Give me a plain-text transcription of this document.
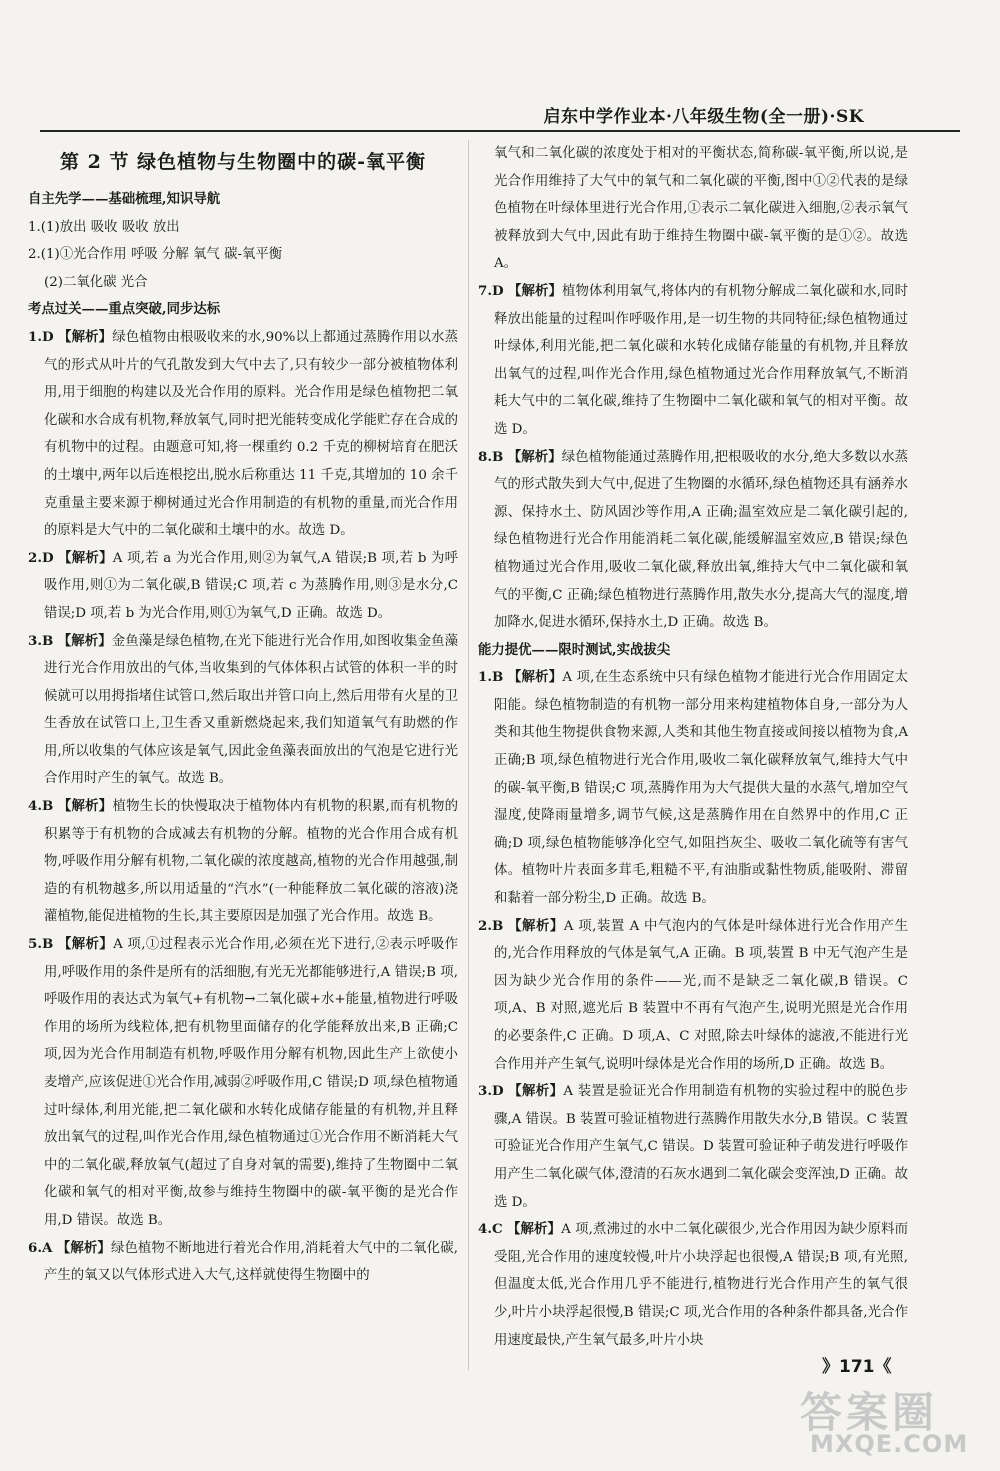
启东中学作业本·八年级生物(全一册)·SK

第 2 节 绿色植物与生物圈中的碳-氧平衡

自主先学——基础梳理,知识导航

1.(1)放出 吸收 吸收 放出

2.(1)①光合作用 呼吸 分解 氧气 碳-氧平衡

(2)二氧化碳 光合

考点过关——重点突破,同步达标

1.D 【解析】绿色植物由根吸收来的水,90%以上都通过蒸腾作用以水蒸气的形式从叶片的气孔散发到大气中去了,只有较少一部分被植物体利用,用于细胞的构建以及光合作用的原料。光合作用是绿色植物把二氧化碳和水合成有机物,释放氧气,同时把光能转变成化学能贮存在合成的有机物中的过程。由题意可知,将一棵重约 0.2 千克的柳树培育在肥沃的土壤中,两年以后连根挖出,脱水后称重达 11 千克,其增加的 10 余千克重量主要来源于柳树通过光合作用制造的有机物的重量,而光合作用的原料是大气中的二氧化碳和土壤中的水。故选 D。

2.D 【解析】A 项,若 a 为光合作用,则②为氧气,A 错误;B 项,若 b 为呼吸作用,则①为二氧化碳,B 错误;C 项,若 c 为蒸腾作用,则③是水分,C 错误;D 项,若 b 为光合作用,则①为氧气,D 正确。故选 D。

3.B 【解析】金鱼藻是绿色植物,在光下能进行光合作用,如图收集金鱼藻进行光合作用放出的气体,当收集到的气体体积占试管的体积一半的时候就可以用拇指堵住试管口,然后取出并管口向上,然后用带有火星的卫生香放在试管口上,卫生香又重新燃烧起来,我们知道氧气有助燃的作用,所以收集的气体应该是氧气,因此金鱼藻表面放出的气泡是它进行光合作用时产生的氧气。故选 B。

4.B 【解析】植物生长的快慢取决于植物体内有机物的积累,而有机物的积累等于有机物的合成减去有机物的分解。植物的光合作用合成有机物,呼吸作用分解有机物,二氧化碳的浓度越高,植物的光合作用越强,制造的有机物越多,所以用适量的“汽水”(一种能释放二氧化碳的溶液)浇灌植物,能促进植物的生长,其主要原因是加强了光合作用。故选 B。

5.B 【解析】A 项,①过程表示光合作用,必须在光下进行,②表示呼吸作用,呼吸作用的条件是所有的活细胞,有光无光都能够进行,A 错误;B 项,呼吸作用的表达式为氧气+有机物→二氧化碳+水+能量,植物进行呼吸作用的场所为线粒体,把有机物里面储存的化学能释放出来,B 正确;C 项,因为光合作用制造有机物,呼吸作用分解有机物,因此生产上欲使小麦增产,应该促进①光合作用,减弱②呼吸作用,C 错误;D 项,绿色植物通过叶绿体,利用光能,把二氧化碳和水转化成储存能量的有机物,并且释放出氧气的过程,叫作光合作用,绿色植物通过①光合作用不断消耗大气中的二氧化碳,释放氧气(超过了自身对氧的需要),维持了生物圈中二氧化碳和氧气的相对平衡,故参与维持生物圈中的碳-氧平衡的是光合作用,D 错误。故选 B。

6.A 【解析】绿色植物不断地进行着光合作用,消耗着大气中的二氧化碳,产生的氧又以气体形式进入大气,这样就使得生物圈中的

氧气和二氧化碳的浓度处于相对的平衡状态,简称碳-氧平衡,所以说,是光合作用维持了大气中的氧气和二氧化碳的平衡,图中①②代表的是绿色植物在叶绿体里进行光合作用,①表示二氧化碳进入细胞,②表示氧气被释放到大气中,因此有助于维持生物圈中碳-氧平衡的是①②。故选 A。

7.D 【解析】植物体利用氧气,将体内的有机物分解成二氧化碳和水,同时释放出能量的过程叫作呼吸作用,是一切生物的共同特征;绿色植物通过叶绿体,利用光能,把二氧化碳和水转化成储存能量的有机物,并且释放出氧气的过程,叫作光合作用,绿色植物通过光合作用释放氧气,不断消耗大气中的二氧化碳,维持了生物圈中二氧化碳和氧气的相对平衡。故选 D。

8.B 【解析】绿色植物能通过蒸腾作用,把根吸收的水分,绝大多数以水蒸气的形式散失到大气中,促进了生物圈的水循环,绿色植物还具有涵养水源、保持水土、防风固沙等作用,A 正确;温室效应是二氧化碳引起的,绿色植物进行光合作用能消耗二氧化碳,能缓解温室效应,B 错误;绿色植物通过光合作用,吸收二氧化碳,释放出氧,维持大气中二氧化碳和氧气的平衡,C 正确;绿色植物进行蒸腾作用,散失水分,提高大气的湿度,增加降水,促进水循环,保持水土,D 正确。故选 B。

能力提优——限时测试,实战拔尖

1.B 【解析】A 项,在生态系统中只有绿色植物才能进行光合作用固定太阳能。绿色植物制造的有机物一部分用来构建植物体自身,一部分为人类和其他生物提供食物来源,人类和其他生物直接或间接以植物为食,A 正确;B 项,绿色植物进行光合作用,吸收二氧化碳释放氧气,维持大气中的碳-氧平衡,B 错误;C 项,蒸腾作用为大气提供大量的水蒸气,增加空气湿度,使降雨量增多,调节气候,这是蒸腾作用在自然界中的作用,C 正确;D 项,绿色植物能够净化空气,如阻挡灰尘、吸收二氧化硫等有害气体。植物叶片表面多茸毛,粗糙不平,有油脂或黏性物质,能吸附、滞留和黏着一部分粉尘,D 正确。故选 B。

2.B 【解析】A 项,装置 A 中气泡内的气体是叶绿体进行光合作用产生的,光合作用释放的气体是氧气,A 正确。B 项,装置 B 中无气泡产生是因为缺少光合作用的条件——光,而不是缺乏二氧化碳,B 错误。C 项,A、B 对照,遮光后 B 装置中不再有气泡产生,说明光照是光合作用的必要条件,C 正确。D 项,A、C 对照,除去叶绿体的滤液,不能进行光合作用并产生氧气,说明叶绿体是光合作用的场所,D 正确。故选 B。

3.D 【解析】A 装置是验证光合作用制造有机物的实验过程中的脱色步骤,A 错误。B 装置可验证植物进行蒸腾作用散失水分,B 错误。C 装置可验证光合作用产生氧气,C 错误。D 装置可验证种子萌发进行呼吸作用产生二氧化碳气体,澄清的石灰水遇到二氧化碳会变浑浊,D 正确。故选 D。

4.C 【解析】A 项,煮沸过的水中二氧化碳很少,光合作用因为缺少原料而受阻,光合作用的速度较慢,叶片小块浮起也很慢,A 错误;B 项,有光照,但温度太低,光合作用几乎不能进行,植物进行光合作用产生的氧气很少,叶片小块浮起很慢,B 错误;C 项,光合作用的各种条件都具备,光合作用速度最快,产生氧气最多,叶片小块

》171《
答案圈
MXQE.COM
